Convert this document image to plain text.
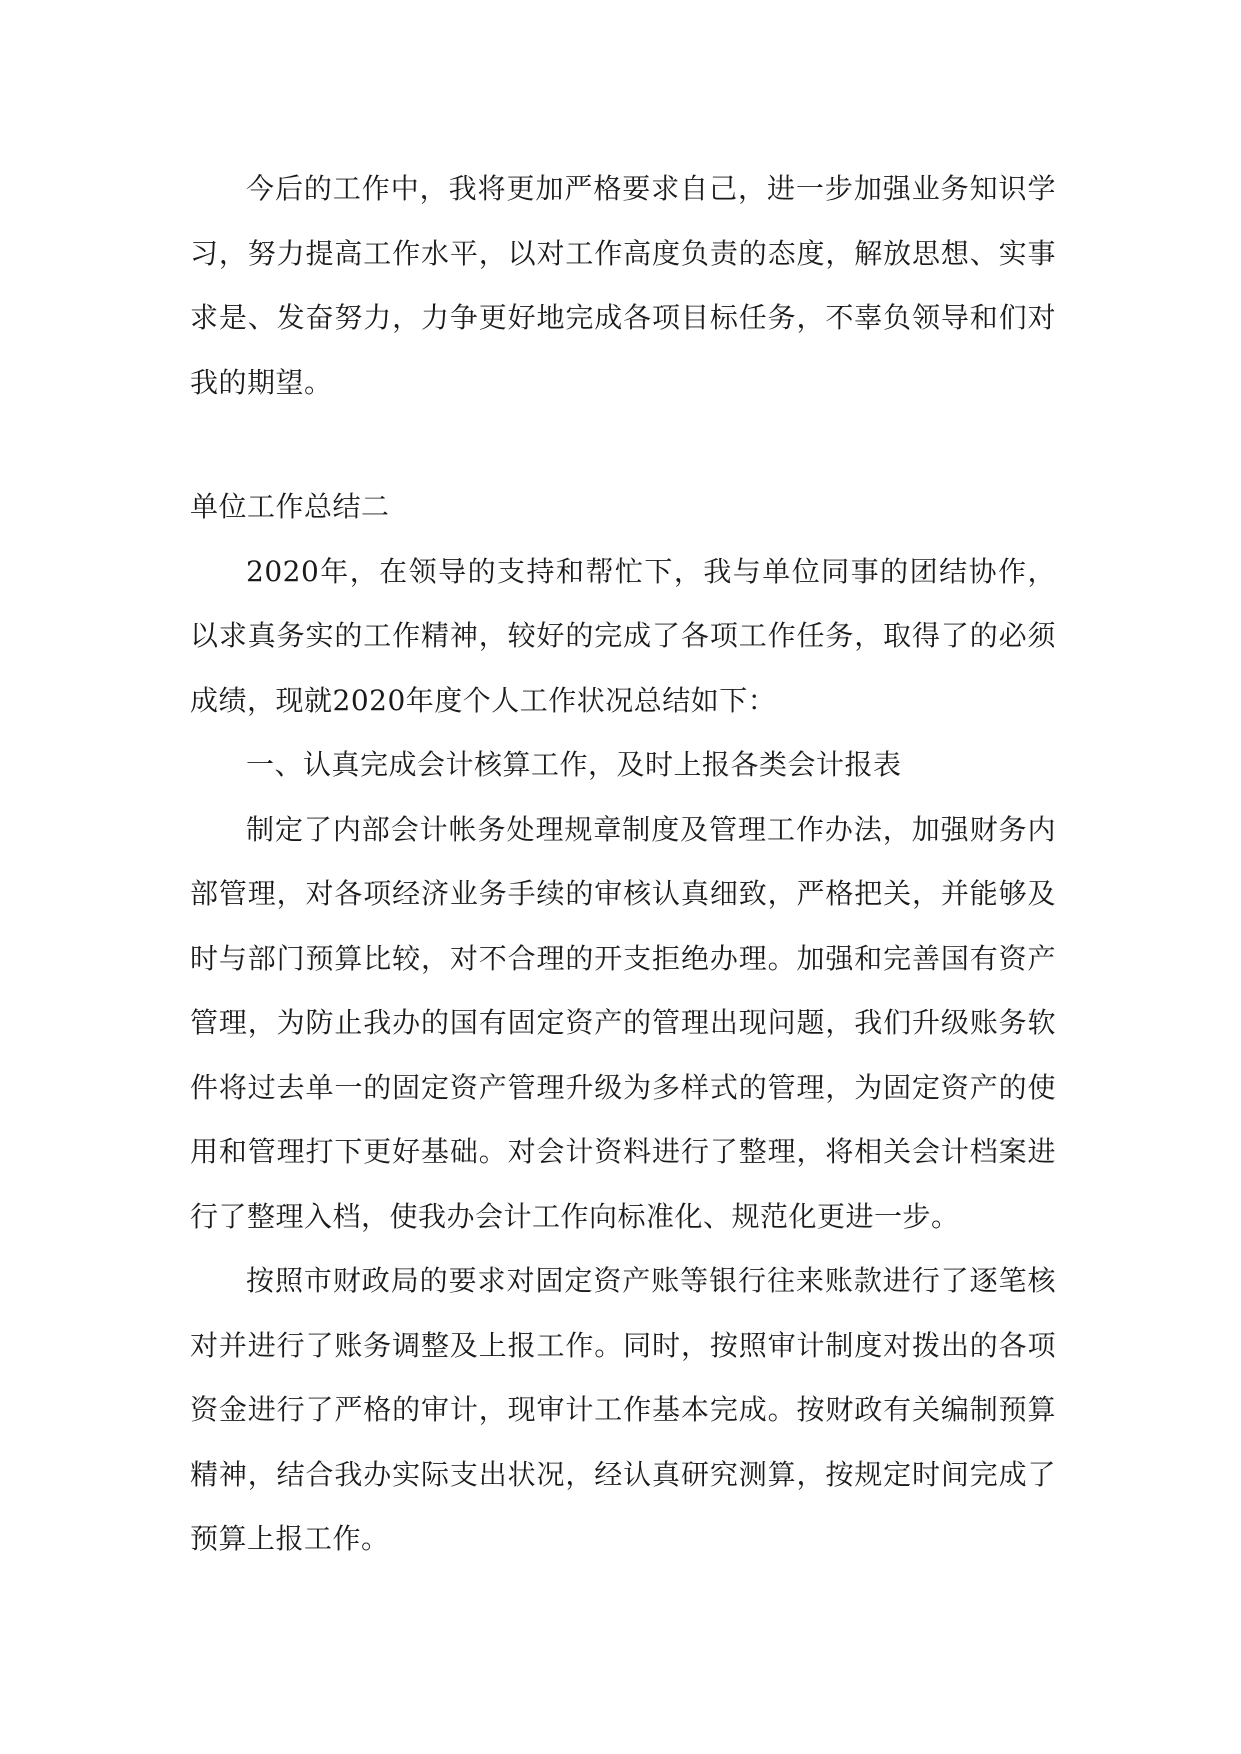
今后的工作中，我将更加严格要求自己，进一步加强业务知识学习，努力提高工作水平，以对工作高度负责的态度，解放思想、实事求是、发奋努力，力争更好地完成各项目标任务，不辜负领导和们对我的期望。

单位工作总结二

2020年，在领导的支持和帮忙下，我与单位同事的团结协作，以求真务实的工作精神，较好的完成了各项工作任务，取得了的必须成绩，现就2020年度个人工作状况总结如下：

一、认真完成会计核算工作，及时上报各类会计报表

制定了内部会计帐务处理规章制度及管理工作办法，加强财务内部管理，对各项经济业务手续的审核认真细致，严格把关，并能够及时与部门预算比较，对不合理的开支拒绝办理。加强和完善国有资产管理，为防止我办的国有固定资产的管理出现问题，我们升级账务软件将过去单一的固定资产管理升级为多样式的管理，为固定资产的使用和管理打下更好基础。对会计资料进行了整理，将相关会计档案进行了整理入档，使我办会计工作向标准化、规范化更进一步。

按照市财政局的要求对固定资产账等银行往来账款进行了逐笔核对并进行了账务调整及上报工作。同时，按照审计制度对拨出的各项资金进行了严格的审计，现审计工作基本完成。按财政有关编制预算精神，结合我办实际支出状况，经认真研究测算，按规定时间完成了预算上报工作。
